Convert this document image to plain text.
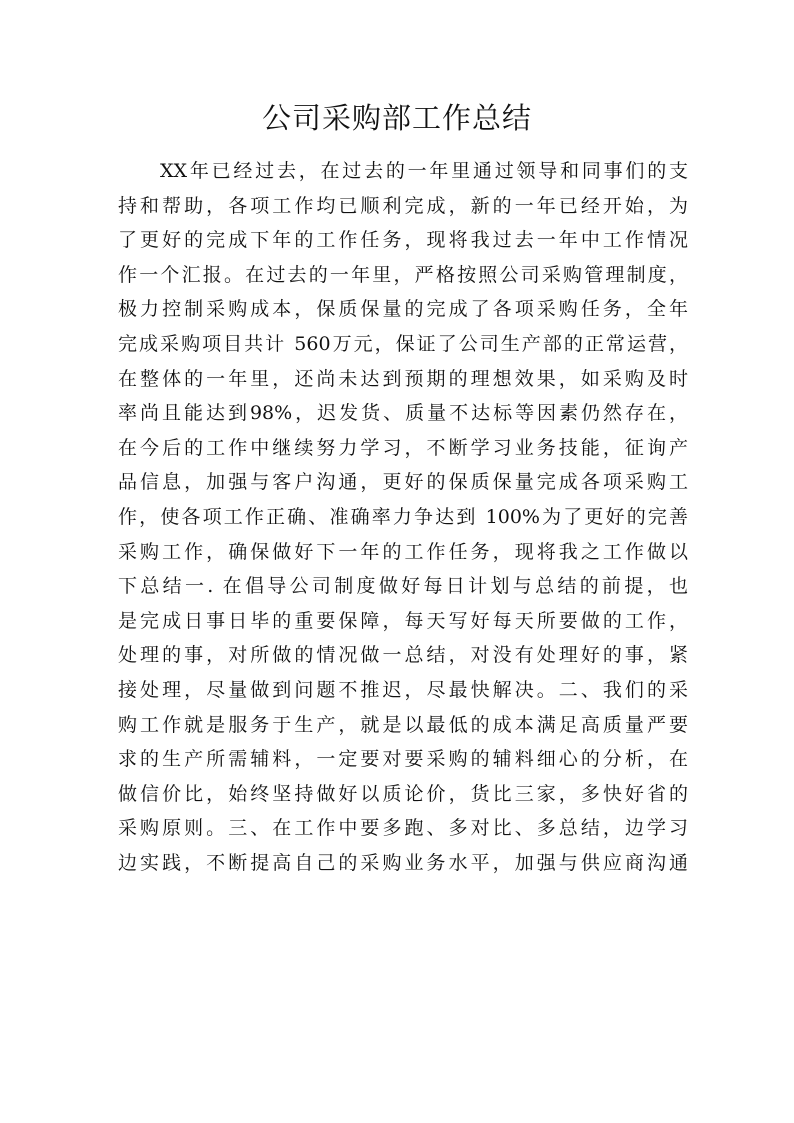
公司采购部工作总结
XX年已经过去，在过去的一年里通过领导和同事们的支
持和帮助，各项工作均已顺利完成，新的一年已经开始，为
了更好的完成下年的工作任务，现将我过去一年中工作情况
作一个汇报。在过去的一年里，严格按照公司采购管理制度，
极力控制采购成本，保质保量的完成了各项采购任务，全年
完成采购项目共计 560万元，保证了公司生产部的正常运营，
在整体的一年里，还尚未达到预期的理想效果，如采购及时
率尚且能达到98%，迟发货、质量不达标等因素仍然存在，
在今后的工作中继续努力学习，不断学习业务技能，征询产
品信息，加强与客户沟通，更好的保质保量完成各项采购工
作，使各项工作正确、准确率力争达到 100%为了更好的完善
采购工作，确保做好下一年的工作任务，现将我之工作做以
下总结一. 在倡导公司制度做好每日计划与总结的前提，也
是完成日事日毕的重要保障，每天写好每天所要做的工作，
处理的事，对所做的情况做一总结，对没有处理好的事，紧
接处理，尽量做到问题不推迟，尽最快解决。二、我们的采
购工作就是服务于生产，就是以最低的成本满足高质量严要
求的生产所需辅料，一定要对要采购的辅料细心的分析，在
做信价比，始终坚持做好以质论价，货比三家，多快好省的
采购原则。三、在工作中要多跑、多对比、多总结，边学习
边实践，不断提高自己的采购业务水平，加强与供应商沟通
